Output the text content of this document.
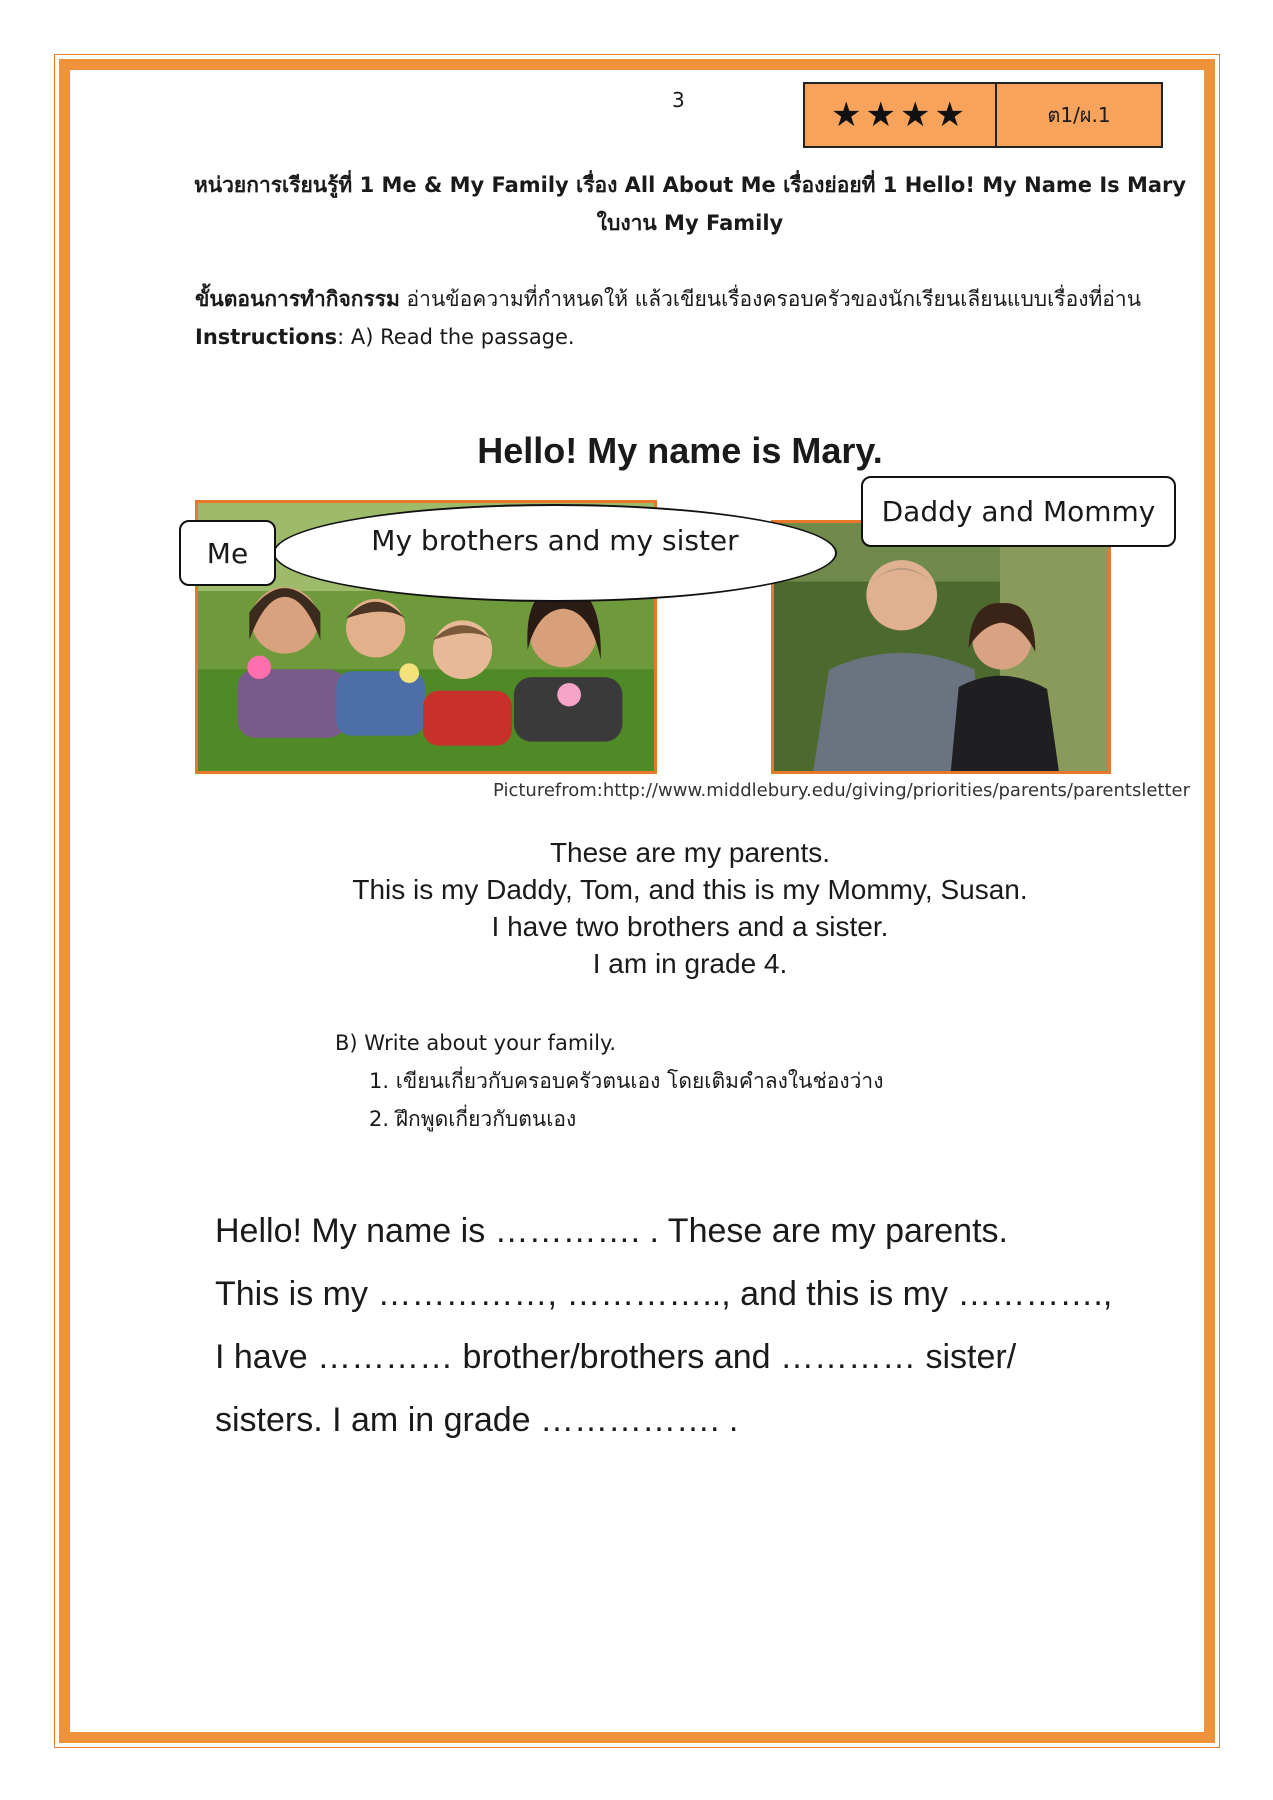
3	★★★★	ต1/ผ.1
หน่วยการเรียนรู้ที่ 1 Me & My Family เรื่อง All About Me เรื่องย่อยที่ 1 Hello! My Name Is Mary
ใบงาน My Family
ขั้นตอนการทำกิจกรรม อ่านข้อความที่กำหนดให้ แล้วเขียนเรื่องครอบครัวของนักเรียนเลียนแบบเรื่องที่อ่าน
Instructions: A) Read the passage.
Hello! My name is Mary.
Daddy and Mommy
My brothers and my sister
Me
Picturefrom:http://www.middlebury.edu/giving/priorities/parents/parentsletter
These are my parents.
This is my Daddy, Tom, and this is my Mommy, Susan.
I have two brothers and a sister.
I am in grade 4.
B) Write about your family.
1. เขียนเกี่ยวกับครอบครัวตนเอง โดยเติมคำลงในช่องว่าง
2. ฝึกพูดเกี่ยวกับตนเอง
Hello! My name is …………. . These are my parents.
This is my ……………, ………….., and this is my ………….,
I have ………… brother/brothers and ………… sister/
sisters. I am in grade ……………. .
